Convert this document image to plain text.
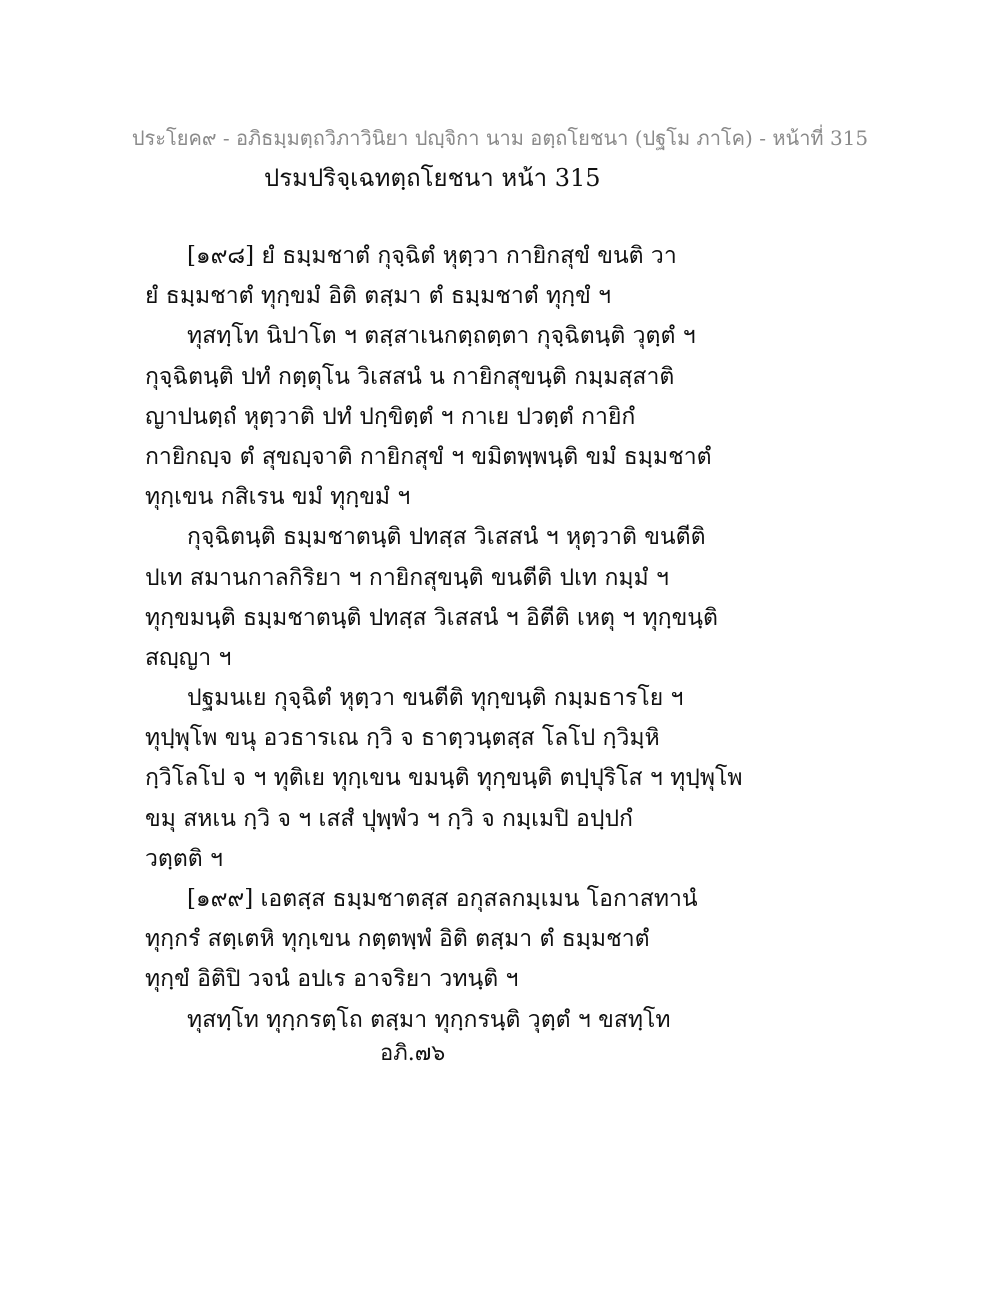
ประโยค๙ - อภิธมฺมตฺถวิภาวินิยา ปญฺจิกา นาม อตฺถโยชนา (ปฐโม ภาโค) - หน้าที่ 315
ปรมปริจฺเฉทตฺถโยชนา หน้า 315
[๑๙๘] ยํ ธมฺมชาตํ กุจฺฉิตํ หุตฺวา กายิกสุขํ ขนติ วา
ยํ ธมฺมชาตํ ทุกฺขมํ อิติ ตสฺมา ตํ ธมฺมชาตํ ทุกฺขํ ฯ
ทุสทฺโท นิปาโต ฯ ตสฺสาเนกตฺถตฺตา กุจฺฉิตนฺติ วุตฺตํ ฯ
กุจฺฉิตนฺติ ปทํ กตฺตุโน วิเสสนํ น กายิกสุขนฺติ กมฺมสฺสาติ
ญาปนตฺถํ หุตฺวาติ ปทํ ปกฺขิตฺตํ ฯ กาเย ปวตฺตํ กายิกํ
กายิกญฺจ ตํ สุขญฺจาติ กายิกสุขํ ฯ ขมิตพฺพนฺติ ขมํ ธมฺมชาตํ
ทุกฺเขน กสิเรน ขมํ ทุกฺขมํ ฯ
กุจฺฉิตนฺติ ธมฺมชาตนฺติ ปทสฺส วิเสสนํ ฯ หุตฺวาติ ขนตีติ
ปเท สมานกาลกิริยา ฯ กายิกสุขนฺติ ขนตีติ ปเท กมฺมํ ฯ
ทุกฺขมนฺติ ธมฺมชาตนฺติ ปทสฺส วิเสสนํ ฯ อิตีติ เหตุ ฯ ทุกฺขนฺติ
สญฺญา ฯ
ปฐมนเย กุจฺฉิตํ หุตฺวา ขนตีติ ทุกฺขนฺติ กมฺมธารโย ฯ
ทุปฺพุโพ ขนุ อวธารเณ กฺวิ จ ธาตฺวนฺตสฺส โลโป กฺวิมฺหิ
กฺวิโลโป จ ฯ ทุติเย ทุกฺเขน ขมนฺติ ทุกฺขนฺติ ตปฺปุริโส ฯ ทุปฺพุโพ
ขมุ สหเน กฺวิ จ ฯ เสสํ ปุพฺพํว ฯ กฺวิ จ กมฺเมปิ อปฺปกํ
วตฺตติ ฯ
[๑๙๙] เอตสฺส ธมฺมชาตสฺส อกุสลกมฺเมน โอกาสทานํ
ทุกฺกรํ สตฺเตหิ ทุกฺเขน กตฺตพฺพํ อิติ ตสฺมา ตํ ธมฺมชาตํ
ทุกฺขํ อิติปิ วจนํ อปเร อาจริยา วทนฺติ ฯ
ทุสทฺโท ทุกฺกรตฺโถ ตสฺมา ทุกฺกรนฺติ วุตฺตํ ฯ ขสทฺโท
อภิ.๗๖
